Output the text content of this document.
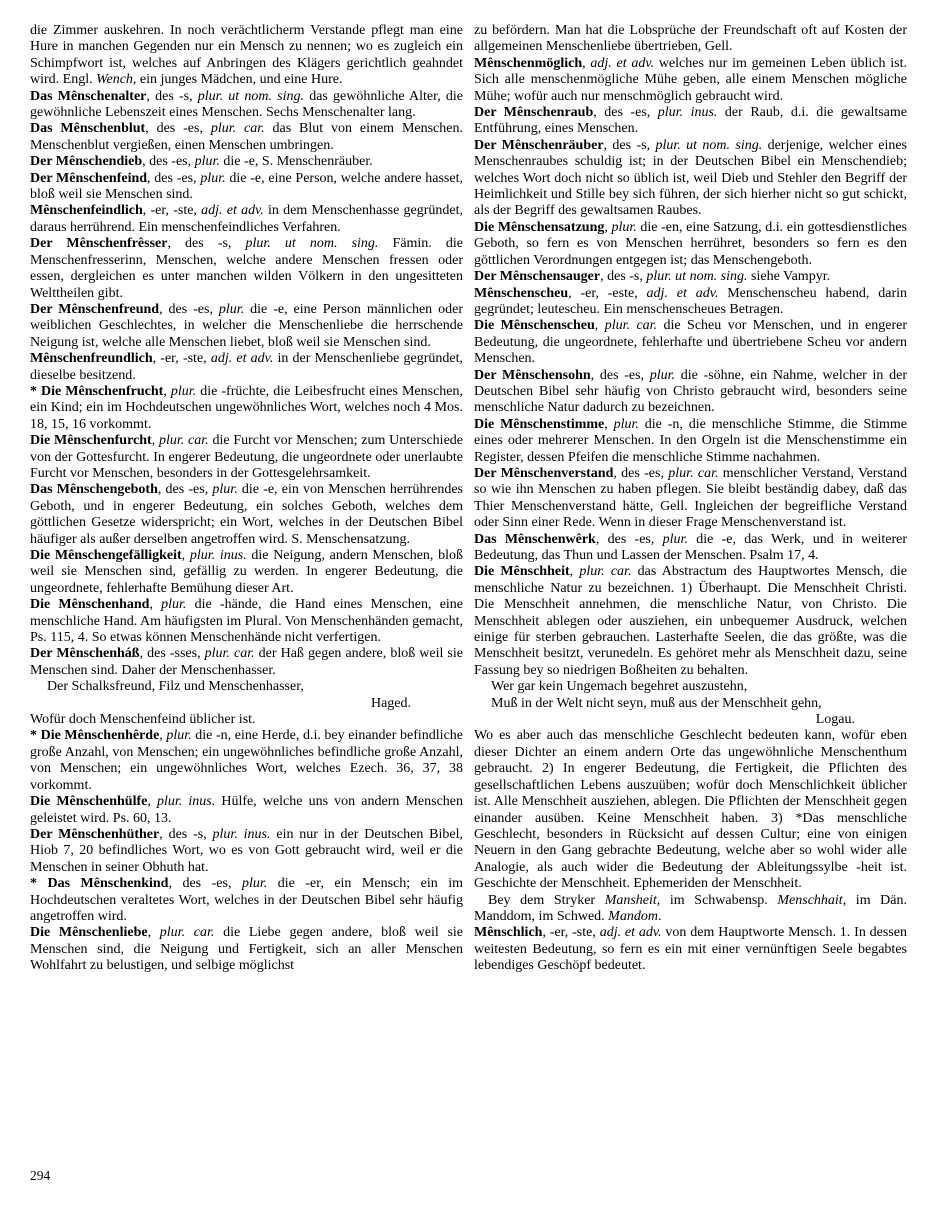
die Zimmer auskehren. In noch verächtlicherm Verstande pflegt man eine Hure in manchen Gegenden nur ein Mensch zu nennen; wo es zugleich ein Schimpfwort ist, welches auf Anbringen des Klägers gerichtlich geahndet wird. Engl. Wench, ein junges Mädchen, und eine Hure.

Das Mênschenalter, des -s, plur. ut nom. sing. das gewöhnliche Alter, die gewöhnliche Lebenszeit eines Menschen. Sechs Menschenalter lang.

Das Mênschenblut, des -es, plur. car. das Blut von einem Menschen. Menschenblut vergießen, einen Menschen umbringen.

Der Mênschendieb, des -es, plur. die -e, S. Menschenräuber.

Der Mênschenfeind, des -es, plur. die -e, eine Person, welche andere hasset, bloß weil sie Menschen sind.

Mênschenfeindlich, -er, -ste, adj. et adv. in dem Menschenhasse gegründet, daraus herrührend. Ein menschenfeindliches Verfahren.

Der Mênschenfrêsser, des -s, plur. ut nom. sing. Fämin. die Menschenfresserinn, Menschen, welche andere Menschen fressen oder essen, dergleichen es unter manchen wilden Völkern in den ungesitteten Welttheilen gibt.

Der Mênschenfreund, des -es, plur. die -e, eine Person männlichen oder weiblichen Geschlechtes, in welcher die Menschenliebe die herrschende Neigung ist, welche alle Menschen liebet, bloß weil sie Menschen sind.

Mênschenfreundlich, -er, -ste, adj. et adv. in der Menschenliebe gegründet, dieselbe besitzend.

* Die Mênschenfrucht, plur. die -früchte, die Leibesfrucht eines Menschen, ein Kind; ein im Hochdeutschen ungewöhnliches Wort, welches noch 4 Mos. 18, 15, 16 vorkommt.

Die Mênschenfurcht, plur. car. die Furcht vor Menschen; zum Unterschiede von der Gottesfurcht. In engerer Bedeutung, die ungeordnete oder unerlaubte Furcht vor Menschen, besonders in der Gottesgelehrsamkeit.

Das Mênschengeboth, des -es, plur. die -e, ein von Menschen herrührendes Geboth, und in engerer Bedeutung, ein solches Geboth, welches dem göttlichen Gesetze widerspricht; ein Wort, welches in der Deutschen Bibel häufiger als außer derselben angetroffen wird. S. Menschensatzung.

Die Mênschengefälligkeit, plur. inus. die Neigung, andern Menschen, bloß weil sie Menschen sind, gefällig zu werden. In engerer Bedeutung, die ungeordnete, fehlerhafte Bemühung dieser Art.

Die Mênschenhand, plur. die -hände, die Hand eines Menschen, eine menschliche Hand. Am häufigsten im Plural. Von Menschenhänden gemacht, Ps. 115, 4. So etwas können Menschenhände nicht verfertigen.

Der Mênschenháß, des -sses, plur. car. der Haß gegen andere, bloß weil sie Menschen sind. Daher der Menschenhasser.

Der Schalksfreund, Filz und Menschenhasser,

Haged.

Wofür doch Menschenfeind üblicher ist.

* Die Mênschenhêrde, plur. die -n, eine Herde, d.i. bey einander befindliche große Anzahl, von Menschen; ein ungewöhnliches befindliche große Anzahl, von Menschen; ein ungewöhnliches Wort, welches Ezech. 36, 37, 38 vorkommt.

Die Mênschenhülfe, plur. inus. Hülfe, welche uns von andern Menschen geleistet wird. Ps. 60, 13.

Der Mênschenhüther, des -s, plur. inus. ein nur in der Deutschen Bibel, Hiob 7, 20 befindliches Wort, wo es von Gott gebraucht wird, weil er die Menschen in seiner Obhuth hat.

* Das Mênschenkind, des -es, plur. die -er, ein Mensch; ein im Hochdeutschen veraltetes Wort, welches in der Deutschen Bibel sehr häufig angetroffen wird.

Die Mênschenliebe, plur. car. die Liebe gegen andere, bloß weil sie Menschen sind, die Neigung und Fertigkeit, sich an aller Menschen Wohlfahrt zu belustigen, und selbige möglichst

zu befördern. Man hat die Lobsprüche der Freundschaft oft auf Kosten der allgemeinen Menschenliebe übertrieben, Gell.

Mênschenmöglich, adj. et adv. welches nur im gemeinen Leben üblich ist. Sich alle menschenmögliche Mühe geben, alle einem Menschen mögliche Mühe; wofür auch nur menschmöglich gebraucht wird.

Der Mênschenraub, des -es, plur. inus. der Raub, d.i. die gewaltsame Entführung, eines Menschen.

Der Mênschenräuber, des -s, plur. ut nom. sing. derjenige, welcher eines Menschenraubes schuldig ist; in der Deutschen Bibel ein Menschendieb; welches Wort doch nicht so üblich ist, weil Dieb und Stehler den Begriff der Heimlichkeit und Stille bey sich führen, der sich hierher nicht so gut schickt, als der Begriff des gewaltsamen Raubes.

Die Mênschensatzung, plur. die -en, eine Satzung, d.i. ein gottesdienstliches Geboth, so fern es von Menschen herrühret, besonders so fern es den göttlichen Verordnungen entgegen ist; das Menschengeboth.

Der Mênschensauger, des -s, plur. ut nom. sing. siehe Vampyr.

Mênschenscheu, -er, -este, adj. et adv. Menschenscheu habend, darin gegründet; leutescheu. Ein menschenscheues Betragen.

Die Mênschenscheu, plur. car. die Scheu vor Menschen, und in engerer Bedeutung, die ungeordnete, fehlerhafte und übertriebene Scheu vor andern Menschen.

Der Mênschensohn, des -es, plur. die -söhne, ein Nahme, welcher in der Deutschen Bibel sehr häufig von Christo gebraucht wird, besonders seine menschliche Natur dadurch zu bezeichnen.

Die Mênschenstimme, plur. die -n, die menschliche Stimme, die Stimme eines oder mehrerer Menschen. In den Orgeln ist die Menschenstimme ein Register, dessen Pfeifen die menschliche Stimme nachahmen.

Der Mênschenverstand, des -es, plur. car. menschlicher Verstand, Verstand so wie ihn Menschen zu haben pflegen. Sie bleibt beständig dabey, daß das Thier Menschenverstand hätte, Gell. Ingleichen der begreifliche Verstand oder Sinn einer Rede. Wenn in dieser Frage Menschenverstand ist.

Das Mênschenwêrk, des -es, plur. die -e, das Werk, und in weiterer Bedeutung, das Thun und Lassen der Menschen. Psalm 17, 4.

Die Mênschheit, plur. car. das Abstractum des Hauptwortes Mensch, die menschliche Natur zu bezeichnen. 1) Überhaupt. Die Menschheit Christi. Die Menschheit annehmen, die menschliche Natur, von Christo. Die Menschheit ablegen oder ausziehen, ein unbequemer Ausdruck, welchen einige für sterben gebrauchen. Lasterhafte Seelen, die das größte, was die Menschheit besitzt, verunedeln. Es gehöret mehr als Menschheit dazu, seine Fassung bey so niedrigen Boßheiten zu behalten.

Wer gar kein Ungemach begehret auszustehn,

Muß in der Welt nicht seyn, muß aus der Menschheit gehn,

Logau.

Wo es aber auch das menschliche Geschlecht bedeuten kann, wofür eben dieser Dichter an einem andern Orte das ungewöhnliche Menschenthum gebraucht. 2) In engerer Bedeutung, die Fertigkeit, die Pflichten des gesellschaftlichen Lebens auszuüben; wofür doch Menschlichkeit üblicher ist. Alle Menschheit ausziehen, ablegen. Die Pflichten der Menschheit gegen einander ausüben. Keine Menschheit haben. 3) *Das menschliche Geschlecht, besonders in Rücksicht auf dessen Cultur; eine von einigen Neuern in den Gang gebrachte Bedeutung, welche aber so wohl wider alle Analogie, als auch wider die Bedeutung der Ableitungssylbe -heit ist. Geschichte der Menschheit. Ephemeriden der Menschheit.

Bey dem Stryker Mansheit, im Schwabensp. Menschhait, im Dän. Manddom, im Schwed. Mandom.

Mênschlich, -er, -ste, adj. et adv. von dem Hauptworte Mensch. 1. In dessen weitesten Bedeutung, so fern es ein mit einer vernünftigen Seele begabtes lebendiges Geschöpf bedeutet.

294
